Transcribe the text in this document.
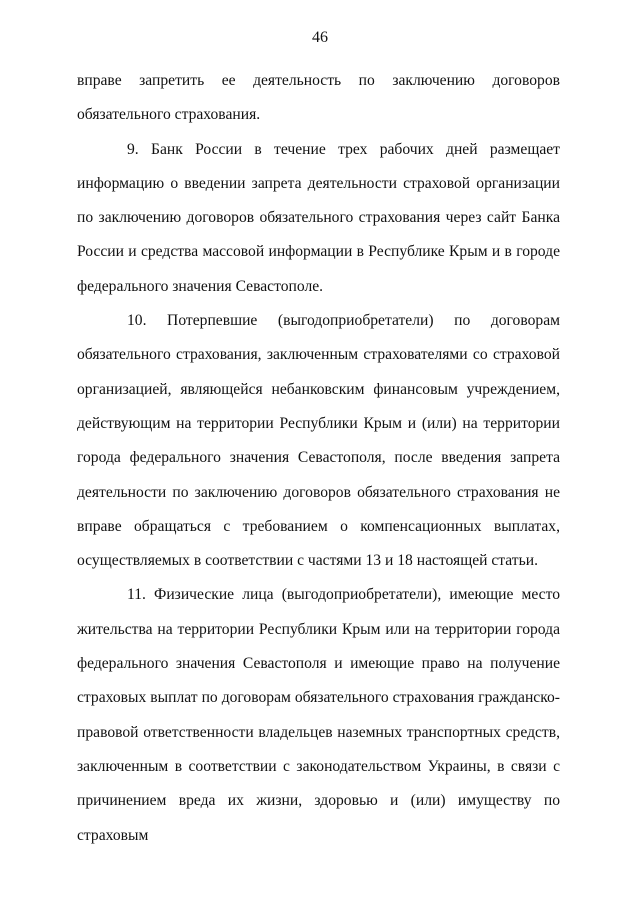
46

вправе запретить ее деятельность по заключению договоров обязательного страхования.

9. Банк России в течение трех рабочих дней размещает информацию о введении запрета деятельности страховой организации по заключению договоров обязательного страхования через сайт Банка России и средства массовой информации в Республике Крым и в городе федерального значения Севастополе.

10. Потерпевшие (выгодоприобретатели) по договорам обязательного страхования, заключенным страхователями со страховой организацией, являющейся небанковским финансовым учреждением, действующим на территории Республики Крым и (или) на территории города федерального значения Севастополя, после введения запрета деятельности по заключению договоров обязательного страхования не вправе обращаться с требованием о компенсационных выплатах, осуществляемых в соответствии с частями 13 и 18 настоящей статьи.

11. Физические лица (выгодоприобретатели), имеющие место жительства на территории Республики Крым или на территории города федерального значения Севастополя и имеющие право на получение страховых выплат по договорам обязательного страхования гражданско-правовой ответственности владельцев наземных транспортных средств, заключенным в соответствии с законодательством Украины, в связи с причинением вреда их жизни, здоровью и (или) имуществу по страховым
